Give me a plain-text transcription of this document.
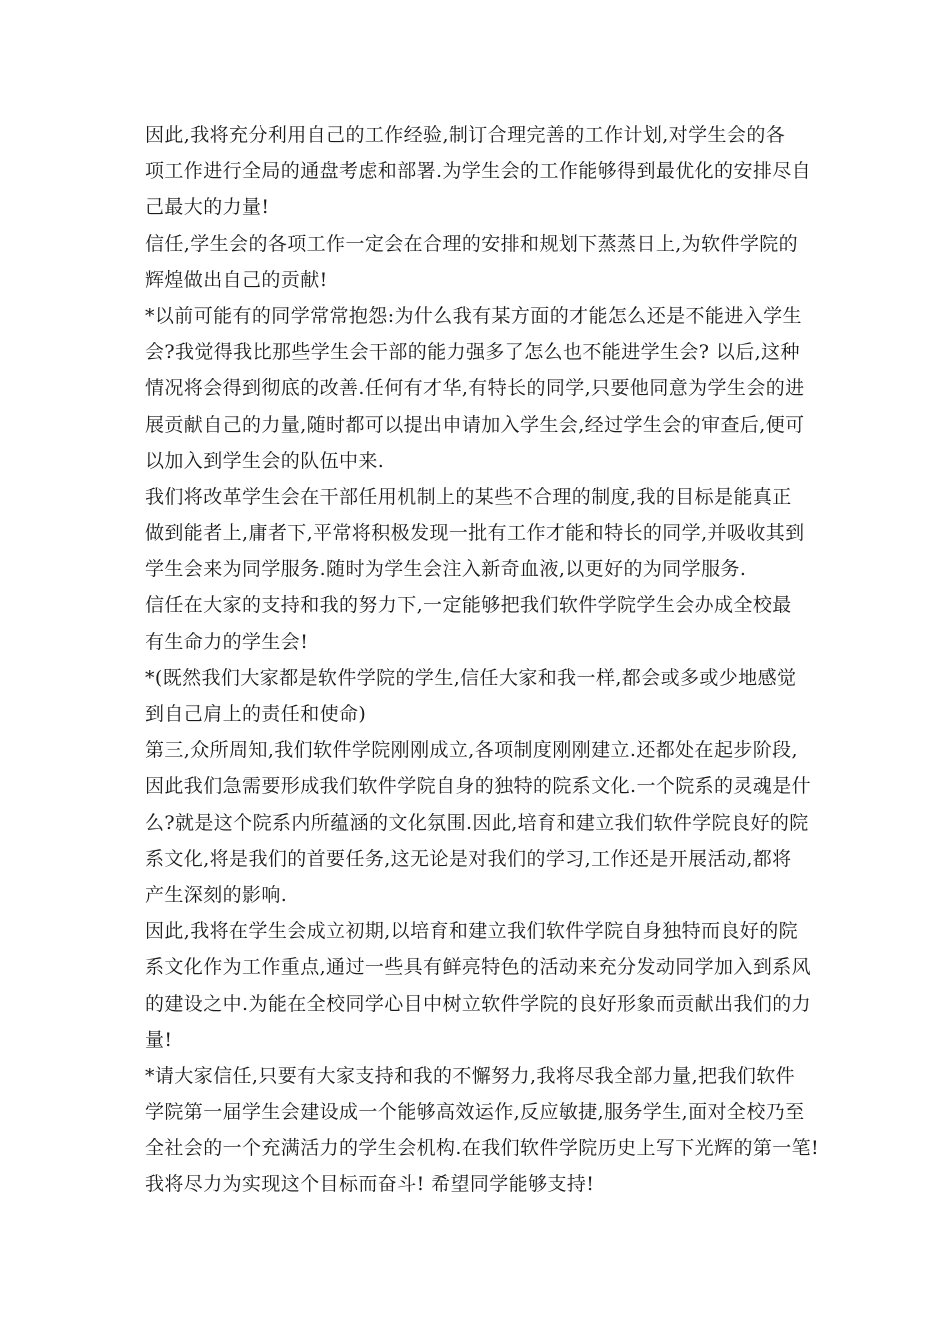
因此,我将充分利用自己的工作经验,制订合理完善的工作计划,对学生会的各
项工作进行全局的通盘考虑和部署.为学生会的工作能够得到最优化的安排尽自
己最大的力量!
信任,学生会的各项工作一定会在合理的安排和规划下蒸蒸日上,为软件学院的
辉煌做出自己的贡献!
*以前可能有的同学常常抱怨:为什么我有某方面的才能怎么还是不能进入学生
会?我觉得我比那些学生会干部的能力强多了怎么也不能进学生会? 以后,这种
情况将会得到彻底的改善.任何有才华,有特长的同学,只要他同意为学生会的进
展贡献自己的力量,随时都可以提出申请加入学生会,经过学生会的审查后,便可
以加入到学生会的队伍中来.
我们将改革学生会在干部任用机制上的某些不合理的制度,我的目标是能真正
做到能者上,庸者下,平常将积极发现一批有工作才能和特长的同学,并吸收其到
学生会来为同学服务.随时为学生会注入新奇血液,以更好的为同学服务.
信任在大家的支持和我的努力下,一定能够把我们软件学院学生会办成全校最
有生命力的学生会!
*(既然我们大家都是软件学院的学生,信任大家和我一样,都会或多或少地感觉
到自己肩上的责任和使命)
第三,众所周知,我们软件学院刚刚成立,各项制度刚刚建立.还都处在起步阶段,
因此我们急需要形成我们软件学院自身的独特的院系文化.一个院系的灵魂是什
么?就是这个院系内所蕴涵的文化氛围.因此,培育和建立我们软件学院良好的院
系文化,将是我们的首要任务,这无论是对我们的学习,工作还是开展活动,都将
产生深刻的影响.
因此,我将在学生会成立初期,以培育和建立我们软件学院自身独特而良好的院
系文化作为工作重点,通过一些具有鲜亮特色的活动来充分发动同学加入到系风
的建设之中.为能在全校同学心目中树立软件学院的良好形象而贡献出我们的力
量!
*请大家信任,只要有大家支持和我的不懈努力,我将尽我全部力量,把我们软件
学院第一届学生会建设成一个能够高效运作,反应敏捷,服务学生,面对全校乃至
全社会的一个充满活力的学生会机构.在我们软件学院历史上写下光辉的第一笔!
我将尽力为实现这个目标而奋斗! 希望同学能够支持!
